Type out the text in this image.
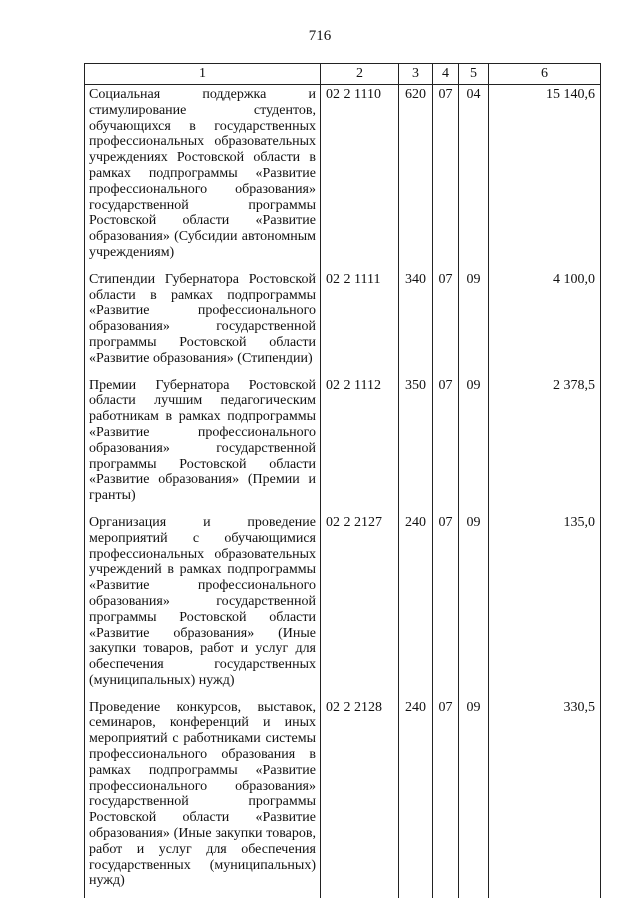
716
1	2	3	4	5	6
Социальная поддержка и стимулирование студентов, обучающихся в государственных профессиональных образовательных учреждениях Ростовской области в рамках подпрограммы «Развитие профессионального образования» государственной программы Ростовской области «Развитие образования» (Субсидии автономным учреждениям)	02 2 1110	620	07	04	15 140,6
Стипендии Губернатора Ростовской области в рамках подпрограммы «Развитие профессионального образования» государственной программы Ростовской области «Развитие образования» (Стипендии)	02 2 1111	340	07	09	4 100,0
Премии Губернатора Ростовской области лучшим педагогическим работникам в рамках подпрограммы «Развитие профессионального образования» государственной программы Ростовской области «Развитие образования» (Премии и гранты)	02 2 1112	350	07	09	2 378,5
Организация и проведение мероприятий с обучающимися профессиональных образовательных учреждений в рамках подпрограммы «Развитие профессионального образования» государственной программы Ростовской области «Развитие образования» (Иные закупки товаров, работ и услуг для обеспечения государственных (муниципальных) нужд)	02 2 2127	240	07	09	135,0
Проведение конкурсов, выставок, семинаров, конференций и иных мероприятий с работниками системы профессионального образования в рамках подпрограммы «Развитие профессионального образования» государственной программы Ростовской области «Развитие образования» (Иные закупки товаров, работ и услуг для обеспечения государственных (муниципальных) нужд)	02 2 2128	240	07	09	330,5
